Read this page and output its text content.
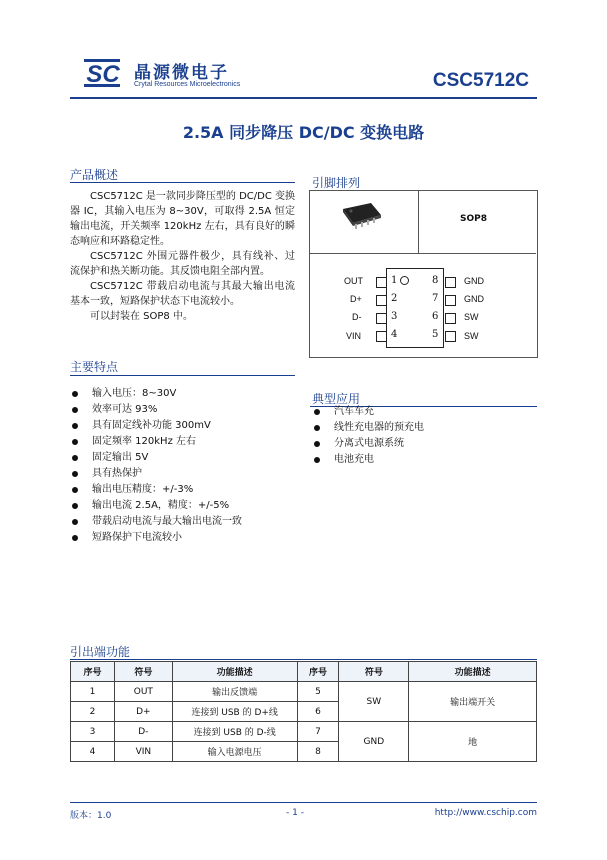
SC 晶源微电子
Crytal Resources Microelectronics	CSC5712C
2.5A 同步降压 DC/DC 变换电路
产品概述
CSC5712C 是一款同步降压型的 DC/DC 变换器 IC，其输入电压为 8~30V，可取得 2.5A 恒定输出电流，开关频率 120kHz 左右，具有良好的瞬态响应和环路稳定性。
CSC5712C 外围元器件极少，具有线补、过流保护和热关断功能。其反馈电阻全部内置。
CSC5712C 带载启动电流与其最大输出电流基本一致，短路保护状态下电流较小。
可以封装在 SOP8 中。
引脚排列
SOP8
OUT	1
D+	2
D-	3
VIN	4
8	GND
7	GND
6	SW
5	SW
主要特点
输入电压：8~30V
效率可达 93%
具有固定线补功能 300mV
固定频率 120kHz 左右
固定输出 5V
具有热保护
输出电压精度：+/-3%
输出电流 2.5A，精度：+/-5%
带载启动电流与最大输出电流一致
短路保护下电流较小
典型应用
汽车车充
线性充电器的预充电
分离式电源系统
电池充电
引出端功能
序号	符号	功能描述	序号	符号	功能描述
1	OUT	输出反馈端	5	SW	输出端开关
2	D+	连接到 USB 的 D+线	6		
3	D-	连接到 USB 的 D-线	7	GND	地
4	VIN	输入电源电压	8		
版本：1.0	- 1 -	http://www.cschip.com
